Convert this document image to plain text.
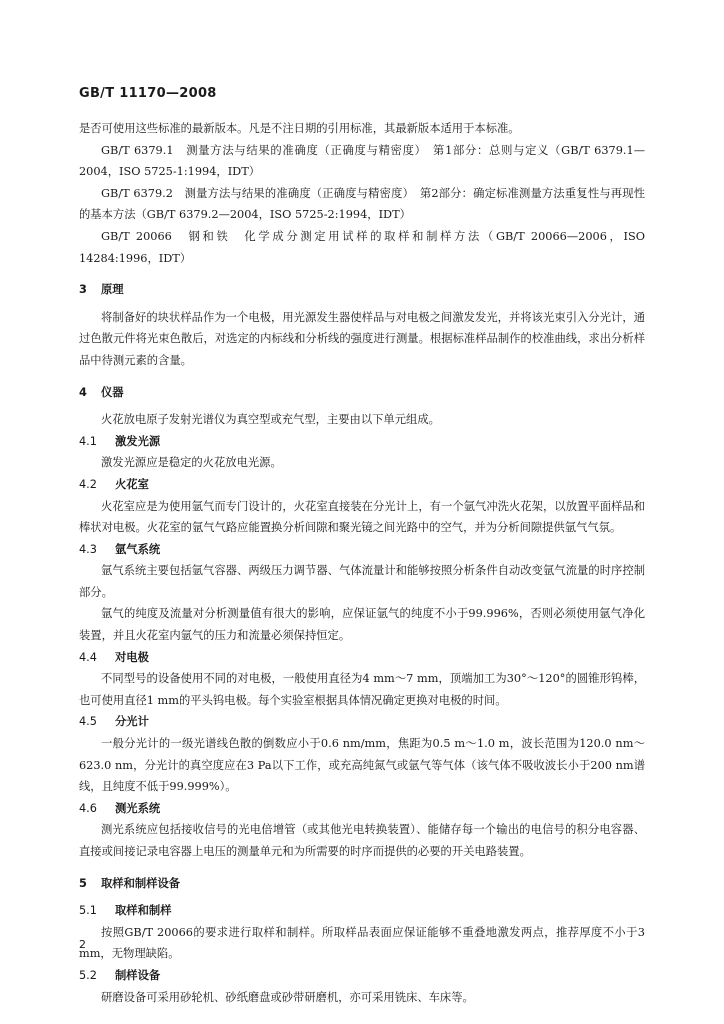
GB/T 11170—2008

是否可使用这些标准的最新版本。凡是不注日期的引用标准，其最新版本适用于本标准。

GB/T 6379.1　测量方法与结果的准确度（正确度与精密度）　第1部分：总则与定义（GB/T 6379.1—2004，ISO 5725-1:1994，IDT）

GB/T 6379.2　测量方法与结果的准确度（正确度与精密度）　第2部分：确定标准测量方法重复性与再现性的基本方法（GB/T 6379.2—2004，ISO 5725-2:1994，IDT）

GB/T 20066　钢和铁　化学成分测定用试样的取样和制样方法（GB/T 20066—2006，ISO 14284:1996，IDT）

3 原理

将制备好的块状样品作为一个电极，用光源发生器使样品与对电极之间激发发光，并将该光束引入分光计，通过色散元件将光束色散后，对选定的内标线和分析线的强度进行测量。根据标准样品制作的校准曲线，求出分析样品中待测元素的含量。

4 仪器

火花放电原子发射光谱仪为真空型或充气型，主要由以下单元组成。

4.1 激发光源

激发光源应是稳定的火花放电光源。

4.2 火花室

火花室应是为使用氩气而专门设计的，火花室直接装在分光计上，有一个氩气冲洗火花架，以放置平面样品和棒状对电极。火花室的氩气气路应能置换分析间隙和聚光镜之间光路中的空气，并为分析间隙提供氩气气氛。

4.3 氩气系统

氩气系统主要包括氩气容器、两级压力调节器、气体流量计和能够按照分析条件自动改变氩气流量的时序控制部分。

氩气的纯度及流量对分析测量值有很大的影响，应保证氩气的纯度不小于99.996%，否则必须使用氩气净化装置，并且火花室内氩气的压力和流量必须保持恒定。

4.4 对电极

不同型号的设备使用不同的对电极，一般使用直径为4 mm～7 mm，顶端加工为30°～120°的圆锥形钨棒，也可使用直径1 mm的平头钨电极。每个实验室根据具体情况确定更换对电极的时间。

4.5 分光计

一般分光计的一级光谱线色散的倒数应小于0.6 nm/mm，焦距为0.5 m～1.0 m，波长范围为120.0 nm～623.0 nm，分光计的真空度应在3 Pa以下工作，或充高纯氮气或氩气等气体（该气体不吸收波长小于200 nm谱线，且纯度不低于99.999%）。

4.6 测光系统

测光系统应包括接收信号的光电倍增管（或其他光电转换装置）、能储存每一个输出的电信号的积分电容器、直接或间接记录电容器上电压的测量单元和为所需要的时序而提供的必要的开关电路装置。

5 取样和制样设备

5.1 取样和制样

按照GB/T 20066的要求进行取样和制样。所取样品表面应保证能够不重叠地激发两点，推荐厚度不小于3 mm，无物理缺陷。

5.2 制样设备

研磨设备可采用砂轮机、砂纸磨盘或砂带研磨机，亦可采用铣床、车床等。

2
